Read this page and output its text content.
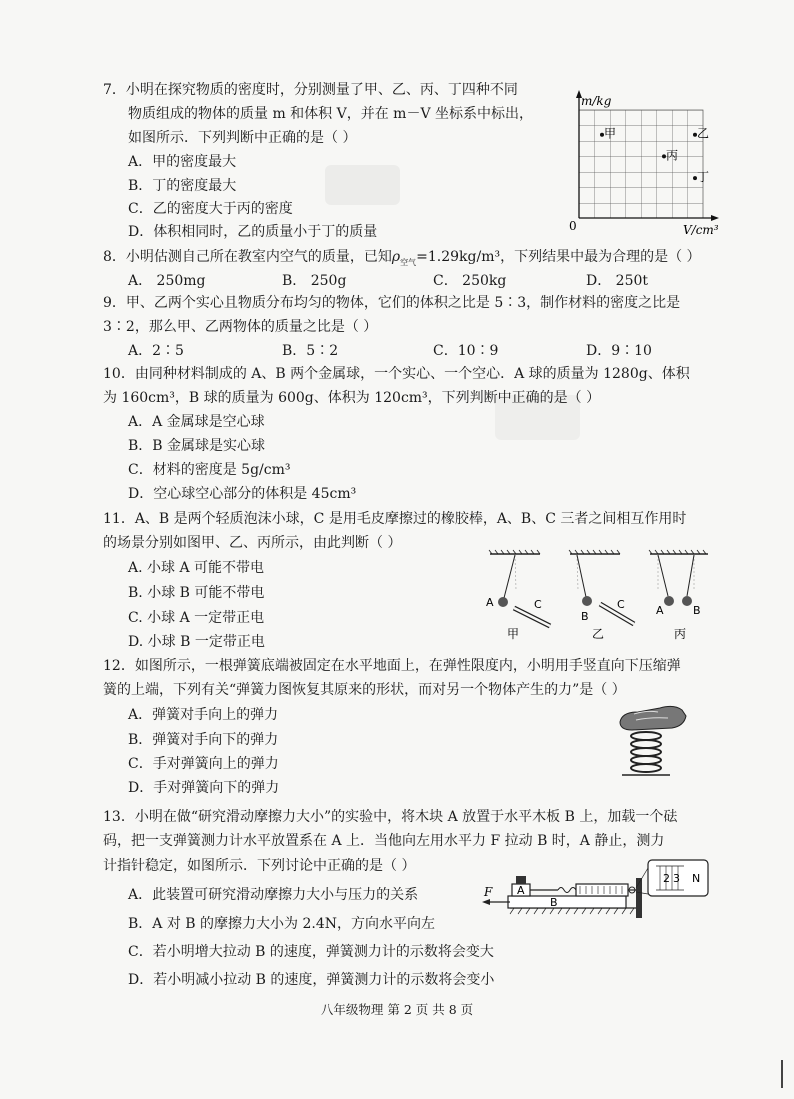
7．小明在探究物质的密度时，分别测量了甲、乙、丙、丁四种不同
物质组成的物体的质量 m 和体积 V，并在 m－V 坐标系中标出，
如图所示．下列判断中正确的是（ ）
A．甲的密度最大
B．丁的密度最大
C．乙的密度大于丙的密度
D．体积相同时，乙的质量小于丁的质量
m/kg
V/cm³
0
甲	乙
丙
丁
8．小明估测自己所在教室内空气的质量，已知$\rho_{空气}=1.29kg/m^3$，下列结果中最为合理的是（ ）
A． 250mg	B． 250g	C． 250kg	D． 250t
9．甲、乙两个实心且物质分布均匀的物体，它们的体积之比是 5∶3，制作材料的密度之比是
3∶2，那么甲、乙两物体的质量之比是（ ）
A．2∶5	B．5∶2	C．10∶9	D．9∶10
10．由同种材料制成的 A、B 两个金属球，一个实心、一个空心．A 球的质量为 1280g、体积
为 160cm³，B 球的质量为 600g、体积为 120cm³，下列判断中正确的是（ ）
A．A 金属球是空心球
B．B 金属球是实心球
C．材料的密度是 5g/cm³
D．空心球空心部分的体积是 45cm³
11．A、B 是两个轻质泡沫小球，C 是用毛皮摩擦过的橡胶棒，A、B、C 三者之间相互作用时
的场景分别如图甲、乙、丙所示，由此判断（ ）
A. 小球 A 可能不带电
B. 小球 B 可能不带电
C. 小球 A 一定带正电
D. 小球 B 一定带正电
A	C
甲
B
C
乙
A	B
丙
12．如图所示，一根弹簧底端被固定在水平地面上，在弹性限度内，小明用手竖直向下压缩弹
簧的上端，下列有关“弹簧力图恢复其原来的形状，而对另一个物体产生的力”是（ ）
A．弹簧对手向上的弹力
B．弹簧对手向下的弹力
C．手对弹簧向上的弹力
D．手对弹簧向下的弹力
13．小明在做“研究滑动摩擦力大小”的实验中，将木块 A 放置于水平木板 B 上，加载一个砝
码，把一支弹簧测力计水平放置系在 A 上．当他向左用水平力 F 拉动 B 时，A 静止，测力
计指针稳定，如图所示．下列讨论中正确的是（ ）
A．此装置可研究滑动摩擦力大小与压力的关系
B．A 对 B 的摩擦力大小为 2.4N，方向水平向左
C．若小明增大拉动 B 的速度，弹簧测力计的示数将会变大
D．若小明减小拉动 B 的速度，弹簧测力计的示数将会变小
B
F A
2 3 N
八年级物理 第 2 页 共 8 页
